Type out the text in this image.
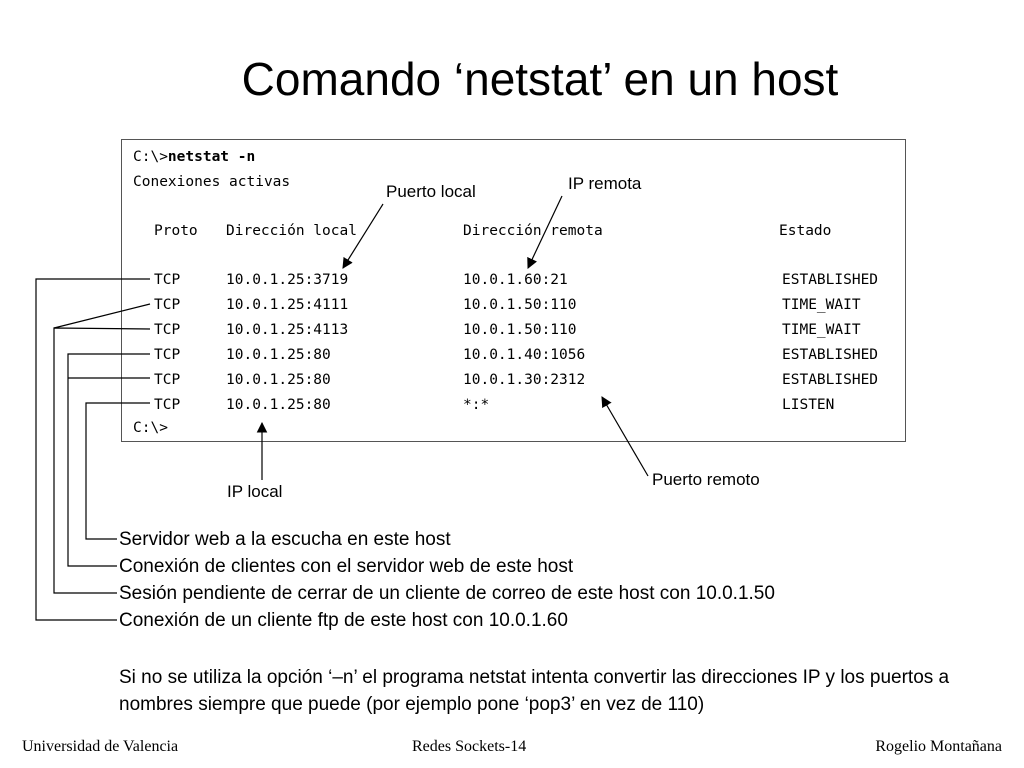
Comando ‘netstat’ en un host
C:\>netstat -n
Conexiones activas
Proto Dirección local	Dirección remota	Estado
TCP	10.0.1.25:3719	10.0.1.60:21	ESTABLISHED
TCP	10.0.1.25:4111	10.0.1.50:110	TIME_WAIT
TCP	10.0.1.25:4113	10.0.1.50:110	TIME_WAIT
TCP	10.0.1.25:80	10.0.1.40:1056	ESTABLISHED
TCP	10.0.1.25:80	10.0.1.30:2312	ESTABLISHED
TCP	10.0.1.25:80	*:*	LISTEN
C:\>
Puerto local	IP remota
IP local
Puerto remoto
Servidor web a la escucha en este host
Conexión de clientes con el servidor web de este host
Sesión pendiente de cerrar de un cliente de correo de este host con 10.0.1.50
Conexión de un cliente ftp de este host con 10.0.1.60
Si no se utiliza la opción ‘–n’ el programa netstat intenta convertir las direcciones IP y los puertos a nombres siempre que puede (por ejemplo pone ‘pop3’ en vez de 110)
Universidad de Valencia	Redes Sockets-14	Rogelio Montañana
